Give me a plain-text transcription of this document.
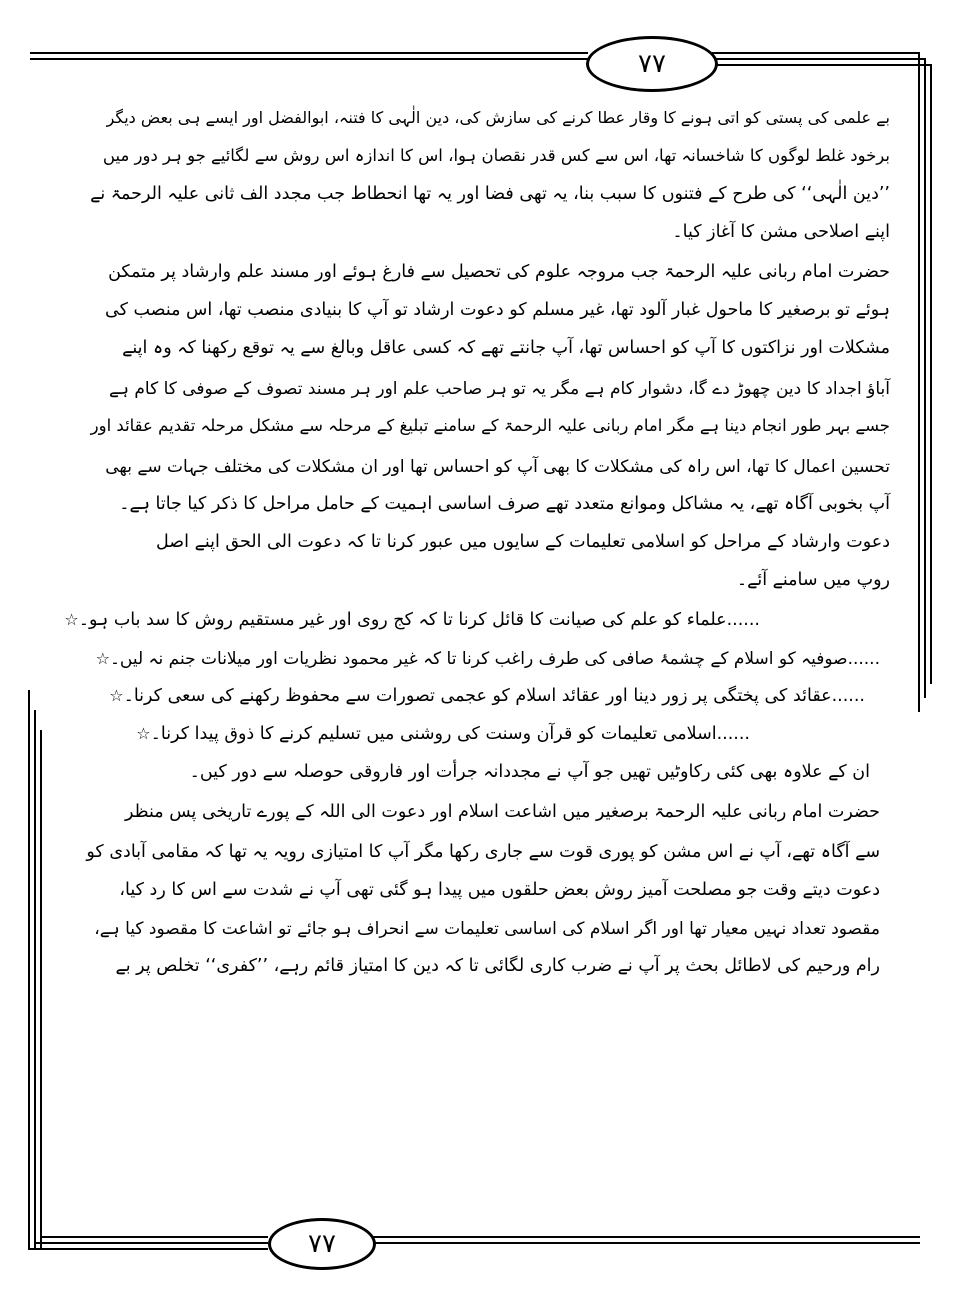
۷۷
۷۷
بے علمی کی پستی کو اتی ہونے کا وقار عطا کرنے کی سازش کی، دین الٰہی کا فتنہ، ابوالفضل اور ایسے ہی بعض دیگر
برخود غلط لوگوں کا شاخسانہ تھا، اس سے کس قدر نقصان ہوا، اس کا اندازہ اس روش سے لگائیے جو ہر دور میں
’’دین الٰہی‘‘ کی طرح کے فتنوں کا سبب بنا، یہ تھی فضا اور یہ تھا انحطاط جب مجدد الف ثانی علیہ الرحمۃ نے
اپنے اصلاحی مشن کا آغاز کیا۔
حضرت امام ربانی علیہ الرحمۃ جب مروجہ علوم کی تحصیل سے فارغ ہوئے اور مسند علم وارشاد پر متمکن
ہوئے تو برصغیر کا ماحول غبار آلود تھا، غیر مسلم کو دعوت ارشاد تو آپ کا بنیادی منصب تھا، اس منصب کی
مشکلات اور نزاکتوں کا آپ کو احساس تھا، آپ جانتے تھے کہ کسی عاقل وبالغ سے یہ توقع رکھنا کہ وہ اپنے
آباؤ اجداد کا دین چھوڑ دے گا، دشوار کام ہے مگر یہ تو ہر صاحب علم اور ہر مسند تصوف کے صوفی کا کام ہے
جسے بہر طور انجام دینا ہے مگر امام ربانی علیہ الرحمۃ کے سامنے تبلیغ کے مرحلہ سے مشکل مرحلہ تقدیم عقائد اور
تحسین اعمال کا تھا، اس راہ کی مشکلات کا بھی آپ کو احساس تھا اور ان مشکلات کی مختلف جہات سے بھی
آپ بخوبی آگاہ تھے، یہ مشاکل وموانع متعدد تھے صرف اساسی اہمیت کے حامل مراحل کا ذکر کیا جاتا ہے۔
دعوت وارشاد کے مراحل کو اسلامی تعلیمات کے سایوں میں عبور کرنا تا کہ دعوت الی الحق اپنے اصل
روپ میں سامنے آئے۔
......علماء کو علم کی صیانت کا قائل کرنا تا کہ کج روی اور غیر مستقیم روش کا سد باب ہو۔☆
......صوفیہ کو اسلام کے چشمۂ صافی کی طرف راغب کرنا تا کہ غیر محمود نظریات اور میلانات جنم نہ لیں۔☆
......عقائد کی پختگی پر زور دینا اور عقائد اسلام کو عجمی تصورات سے محفوظ رکھنے کی سعی کرنا۔☆
......اسلامی تعلیمات کو قرآن وسنت کی روشنی میں تسلیم کرنے کا ذوق پیدا کرنا۔☆
ان کے علاوہ بھی کئی رکاوٹیں تھیں جو آپ نے مجددانہ جرأت اور فاروقی حوصلہ سے دور کیں۔
حضرت امام ربانی علیہ الرحمۃ برصغیر میں اشاعت اسلام اور دعوت الی اللہ کے پورے تاریخی پس منظر
سے آگاہ تھے، آپ نے اس مشن کو پوری قوت سے جاری رکھا مگر آپ کا امتیازی رویہ یہ تھا کہ مقامی آبادی کو
دعوت دیتے وقت جو مصلحت آمیز روش بعض حلقوں میں پیدا ہو گئی تھی آپ نے شدت سے اس کا رد کیا،
مقصود تعداد نہیں معیار تھا اور اگر اسلام کی اساسی تعلیمات سے انحراف ہو جائے تو اشاعت کا مقصود کیا ہے،
رام ورحیم کی لاطائل بحث پر آپ نے ضرب کاری لگائی تا کہ دین کا امتیاز قائم رہے، ’’کفری‘‘ تخلص پر بے
